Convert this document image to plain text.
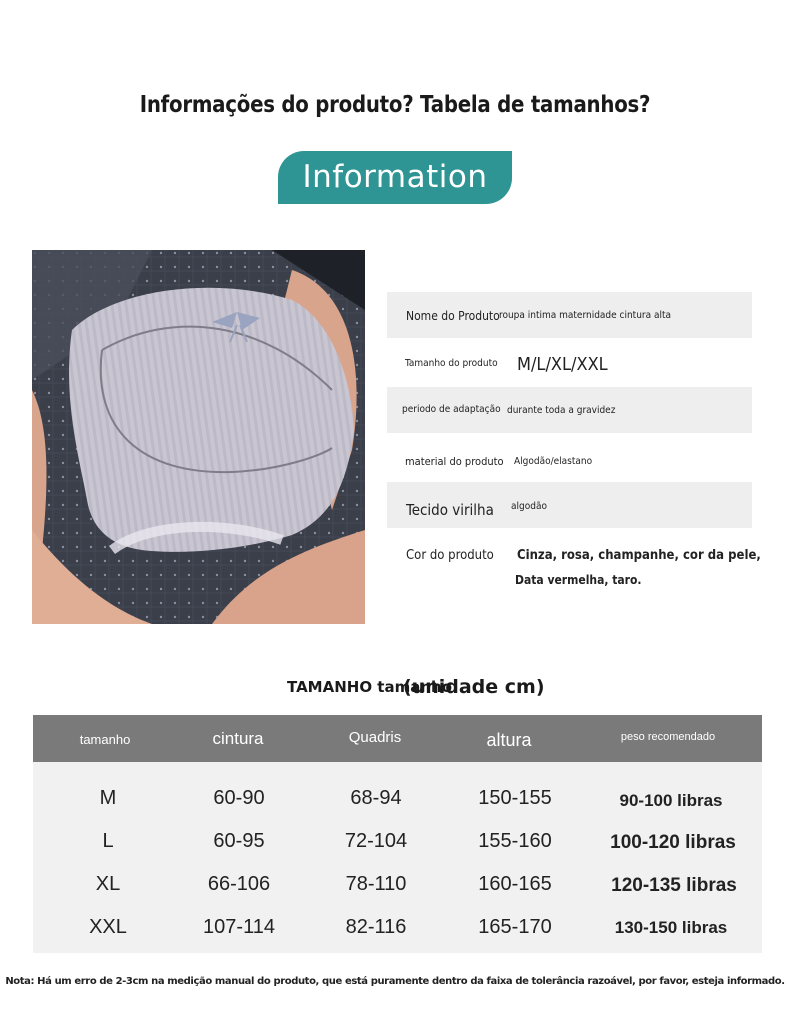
Informações do produto? Tabela de tamanhos?
Information
Nome do Produto roupa intima maternidade cintura alta
Tamanho do produto M/L/XL/XXL
periodo de adaptação durante toda a gravidez
material do produto Algodão/elastano
Tecido virilha algodão
Cor do produto Cinza, rosa, champanhe, cor da pele,
Data vermelha, taro.
TAMANHO tamanho
(unidade cm)
tamanho	cintura	Quadris	altura	peso recomendado
M	60-90	68-94	150-155	90-100 libras
L	60-95	72-104	155-160	100-120 libras
XL	66-106	78-110	160-165	120-135 libras
XXL	107-114	82-116	165-170	130-150 libras
Nota: Há um erro de 2-3cm na medição manual do produto, que está puramente dentro da faixa de tolerância razoável, por favor, esteja informado.
